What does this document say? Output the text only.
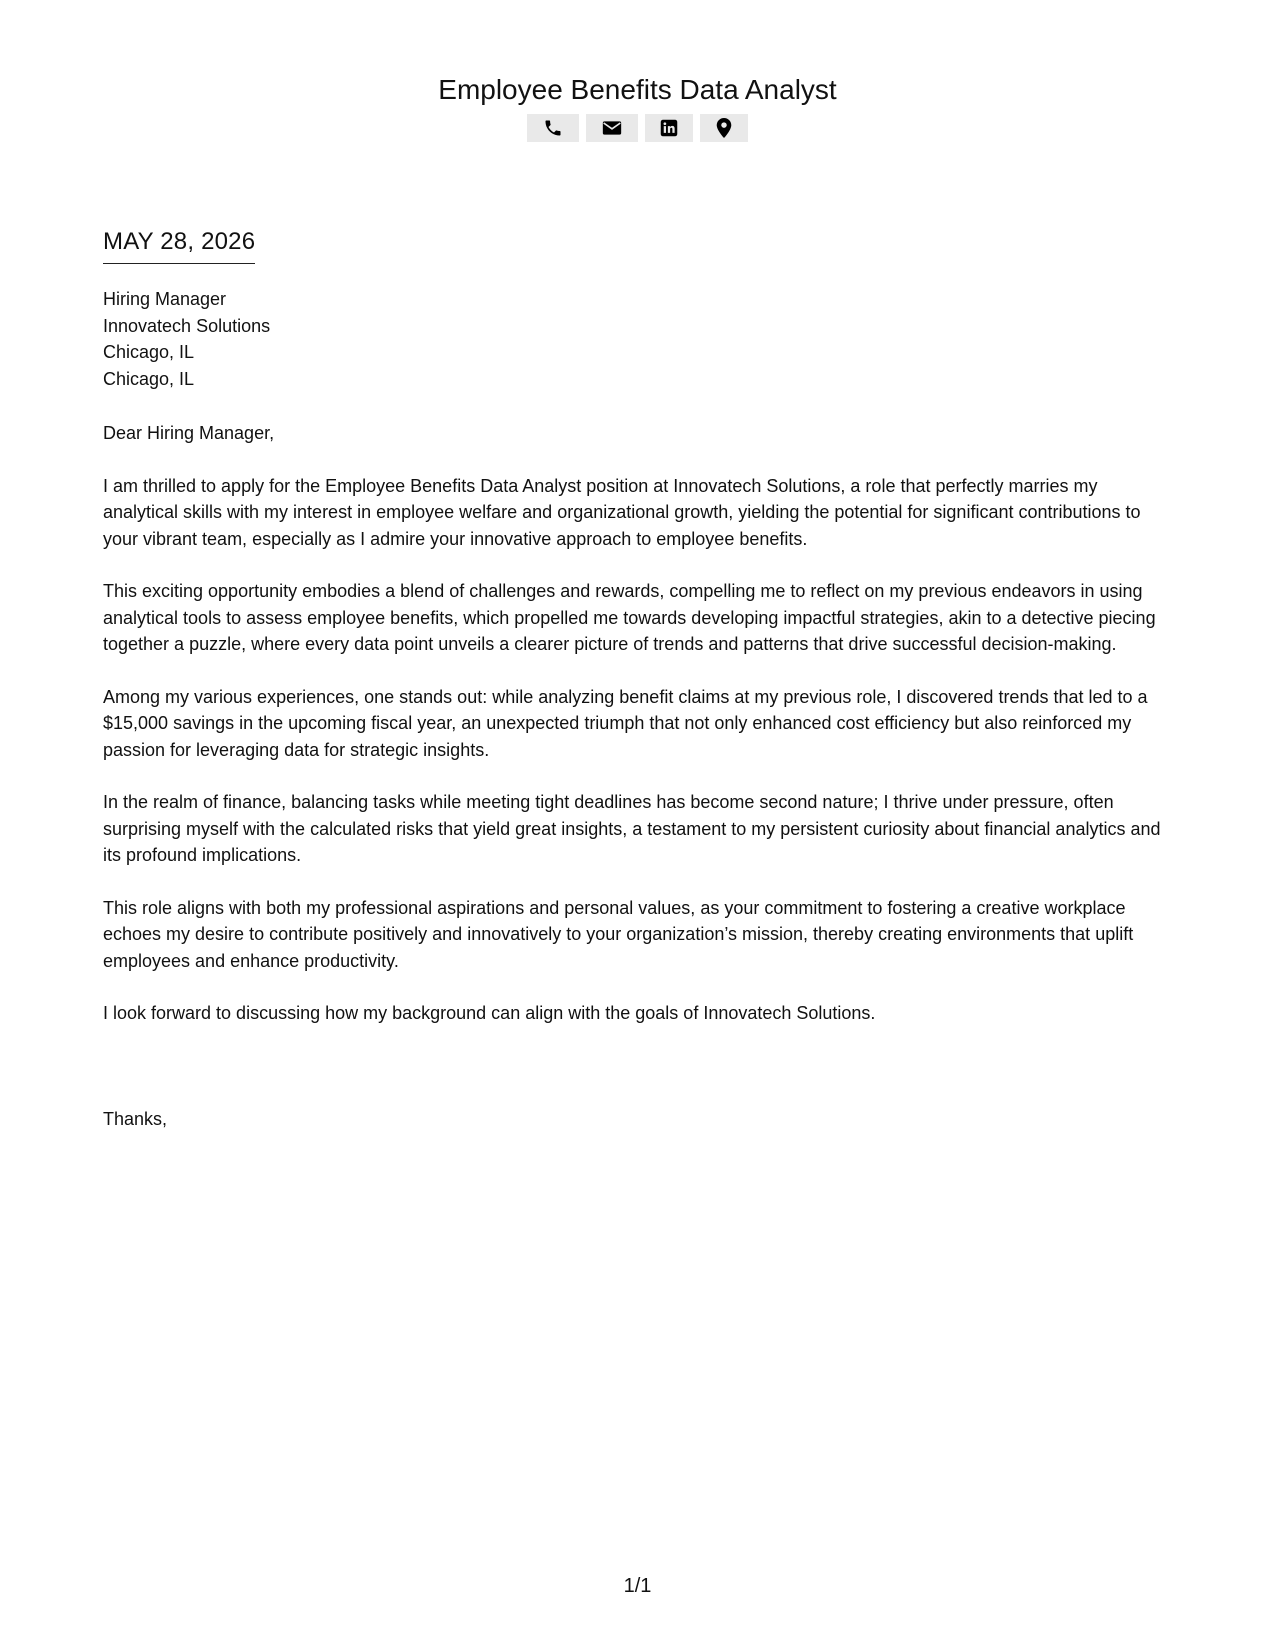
Employee Benefits Data Analyst
MAY 28, 2026
Hiring Manager
Innovatech Solutions
Chicago, IL
Chicago, IL

Dear Hiring Manager,

I am thrilled to apply for the Employee Benefits Data Analyst position at Innovatech Solutions, a role that perfectly marries my analytical skills with my interest in employee welfare and organizational growth, yielding the potential for significant contributions to your vibrant team, especially as I admire your innovative approach to employee benefits.

This exciting opportunity embodies a blend of challenges and rewards, compelling me to reflect on my previous endeavors in using analytical tools to assess employee benefits, which propelled me towards developing impactful strategies, akin to a detective piecing together a puzzle, where every data point unveils a clearer picture of trends and patterns that drive successful decision-making.

Among my various experiences, one stands out: while analyzing benefit claims at my previous role, I discovered trends that led to a $15,000 savings in the upcoming fiscal year, an unexpected triumph that not only enhanced cost efficiency but also reinforced my passion for leveraging data for strategic insights.

In the realm of finance, balancing tasks while meeting tight deadlines has become second nature; I thrive under pressure, often surprising myself with the calculated risks that yield great insights, a testament to my persistent curiosity about financial analytics and its profound implications.

This role aligns with both my professional aspirations and personal values, as your commitment to fostering a creative workplace echoes my desire to contribute positively and innovatively to your organization’s mission, thereby creating environments that uplift employees and enhance productivity.

I look forward to discussing how my background can align with the goals of Innovatech Solutions.

Thanks,
1/1
